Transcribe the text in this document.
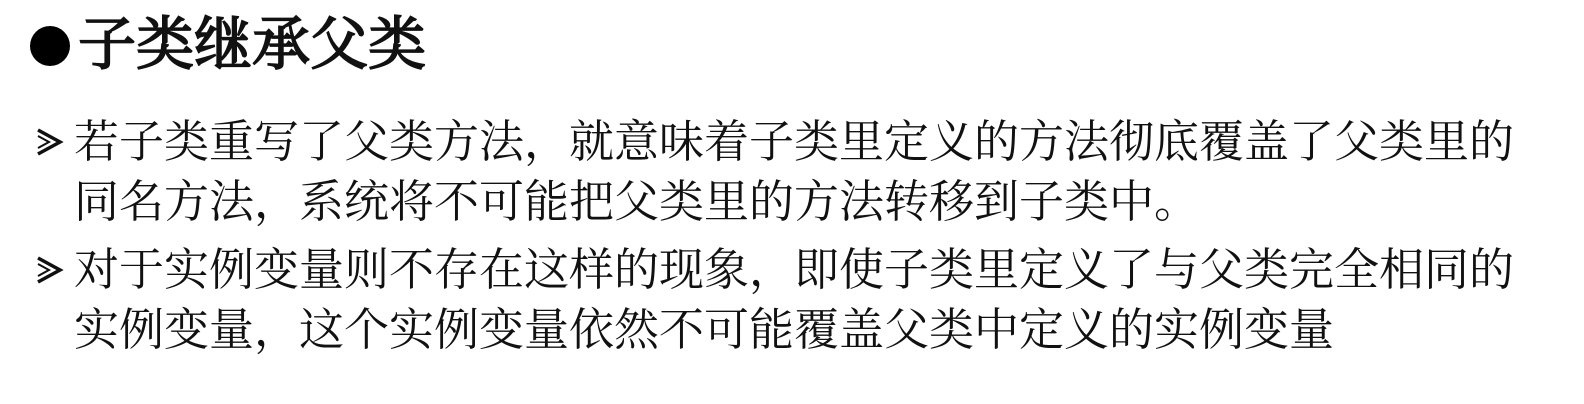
子类继承父类
若子类重写了父类方法，就意味着子类里定义的方法彻底覆盖了父类里的同名方法，系统将不可能把父类里的方法转移到子类中。
对于实例变量则不存在这样的现象，即使子类里定义了与父类完全相同的实例变量，这个实例变量依然不可能覆盖父类中定义的实例变量
